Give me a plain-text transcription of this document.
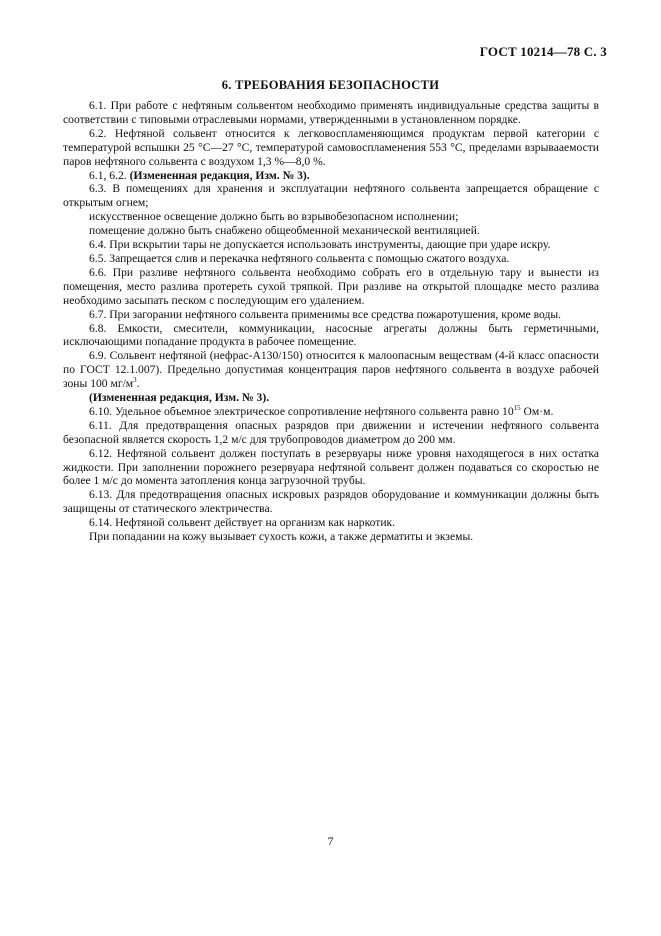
ГОСТ 10214—78 С. 3
6. ТРЕБОВАНИЯ БЕЗОПАСНОСТИ

6.1. При работе с нефтяным сольвентом необходимо применять индивидуальные средства защиты в соответствии с типовыми отраслевыми нормами, утвержденными в установленном порядке.

6.2. Нефтяной сольвент относится к легковоспламеняющимся продуктам первой категории с температурой вспышки 25 °С—27 °С, температурой самовоспламенения 553 °С, пределами взрывааемости паров нефтяного сольвента с воздухом 1,3 %—8,0 %.

6.1, 6.2. (Измененная редакция, Изм. № 3).

6.3. В помещениях для хранения и эксплуатации нефтяного сольвента запрещается обращение с открытым огнем;

искусственное освещение должно быть во взрывобезопасном исполнении;

помещение должно быть снабжено общеобменной механической вентиляцией.

6.4. При вскрытии тары не допускается использовать инструменты, дающие при ударе искру.

6.5. Запрещается слив и перекачка нефтяного сольвента с помощью сжатого воздуха.

6.6. При разливе нефтяного сольвента необходимо собрать его в отдельную тару и вынести из помещения, место разлива протереть сухой тряпкой. При разливе на открытой площадке место разлива необходимо засыпать песком с последующим его удалением.

6.7. При загорании нефтяного сольвента применимы все средства пожаротушения, кроме воды.

6.8. Емкости, смесители, коммуникации, насосные агрегаты должны быть герметичными, исключающими попадание продукта в рабочее помещение.

6.9. Сольвент нефтяной (нефрас-А130/150) относится к малоопасным веществам (4-й класс опасности по ГОСТ 12.1.007). Предельно допустимая концентрация паров нефтяного сольвента в воздухе рабочей зоны 100 $мг/м^3$.

(Измененная редакция, Изм. № 3).

6.10. Удельное объемное электрическое сопротивление нефтяного сольвента равно $10^{15}$ Ом·м.

6.11. Для предотвращения опасных разрядов при движении и истечении нефтяного сольвента безопасной является скорость 1,2 м/с для трубопроводов диаметром до 200 мм.

6.12. Нефтяной сольвент должен поступать в резервуары ниже уровня находящегося в них остатка жидкости. При заполнении порожнего резервуара нефтяной сольвент должен подаваться со скоростью не более 1 м/с до момента затопления конца загрузочной трубы.

6.13. Для предотвращения опасных искровых разрядов оборудование и коммуникации должны быть защищены от статического электричества.

6.14. Нефтяной сольвент действует на организм как наркотик.

При попадании на кожу вызывает сухость кожи, а также дерматиты и экземы.

7
